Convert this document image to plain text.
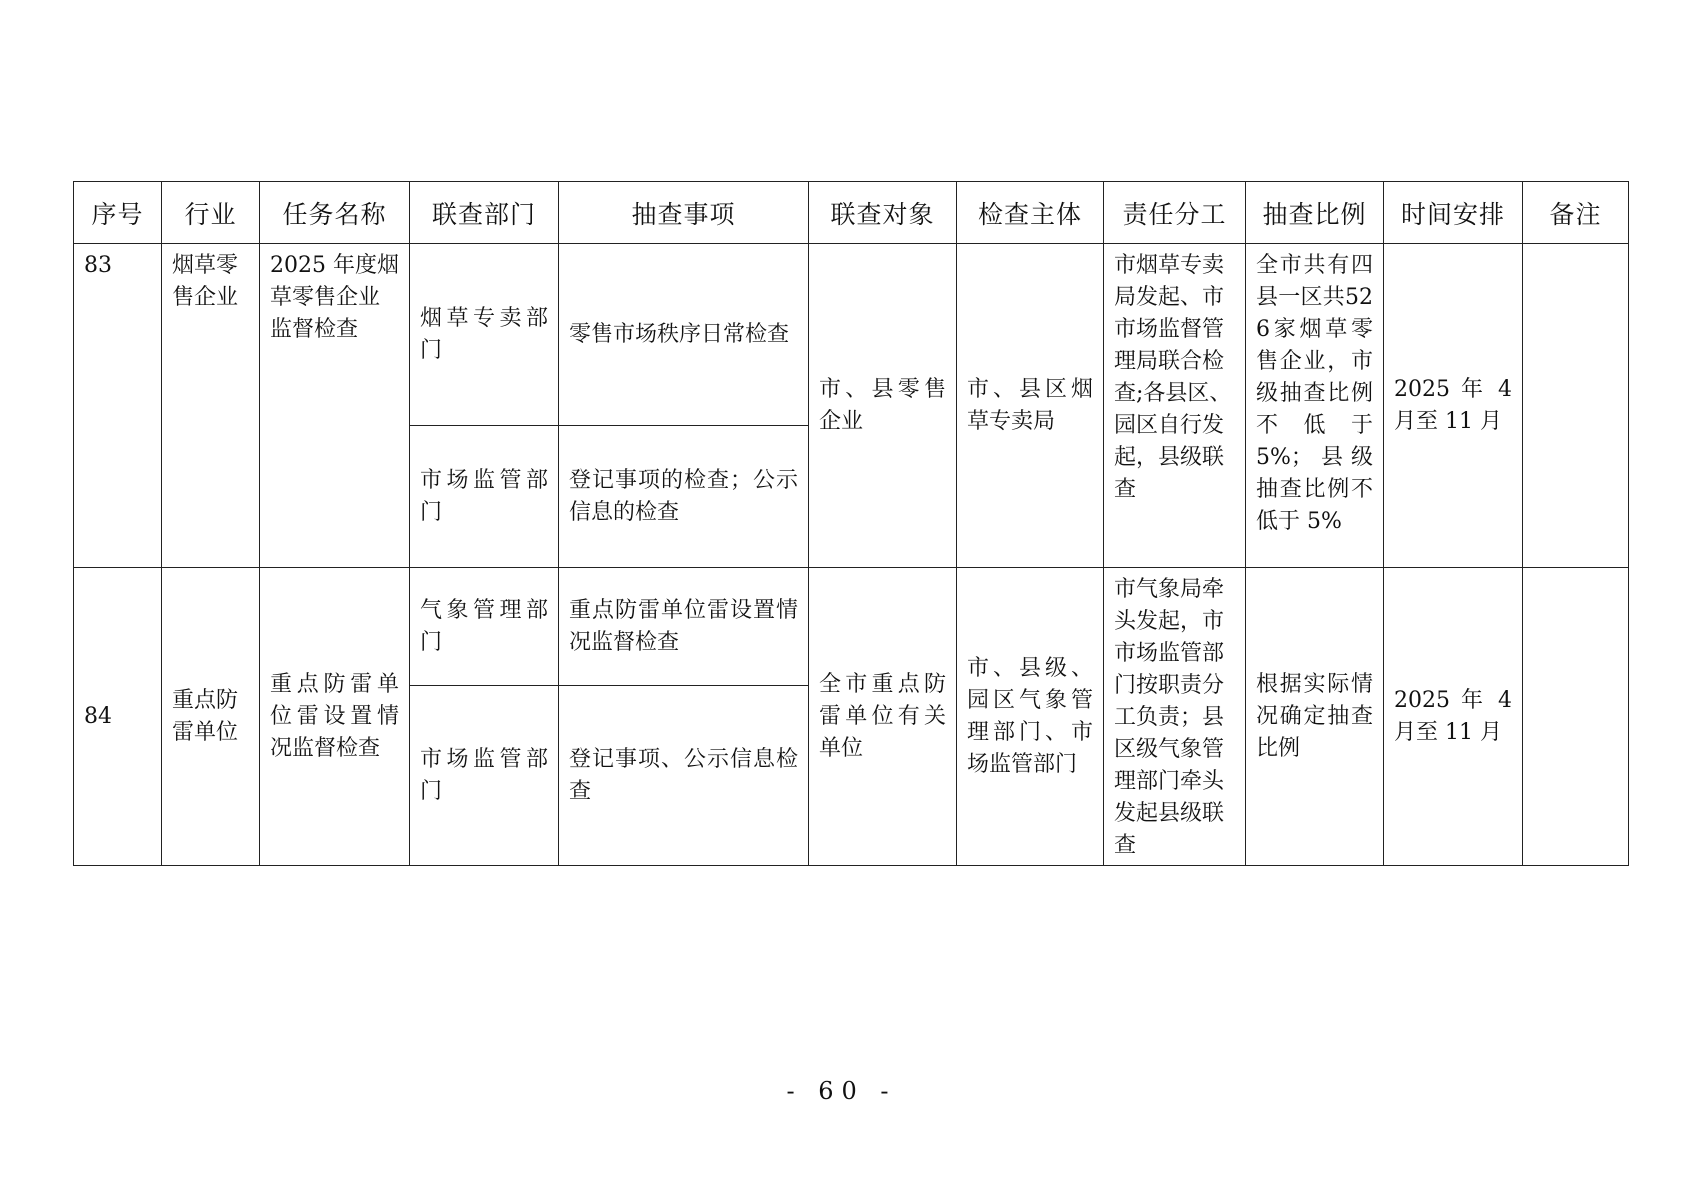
序号	行业	任务名称	联查部门	抽查事项	联查对象	检查主体	责任分工	抽查比例	时间安排	备注
83	烟草零售企业	2025 年度烟草零售企业监督检查	烟草专卖部门	零售市场秩序日常检查	市、县零售企业	市、县区烟草专卖局	市烟草专卖局发起、市市场监督管理局联合检查;各县区、园区自行发起，县级联查	全市共有四县一区共526家烟草零售企业，市级抽查比例不低于 5%；县级抽查比例不低于 5%	2025 年 4 月至 11 月	
			市场监管部门	登记事项的检查；公示信息的检查						
84	重点防雷单位	重点防雷单位雷设置情况监督检查	气象管理部门	重点防雷单位雷设置情况监督检查	全市重点防雷单位有关单位	市、县级、园区气象管理部门、市场监管部门	市气象局牵头发起，市市场监管部门按职责分工负责；县区级气象管理部门牵头发起县级联查	根据实际情况确定抽查比例	2025 年 4 月至 11 月	
			市场监管部门	登记事项、公示信息检查						
- 60 -
